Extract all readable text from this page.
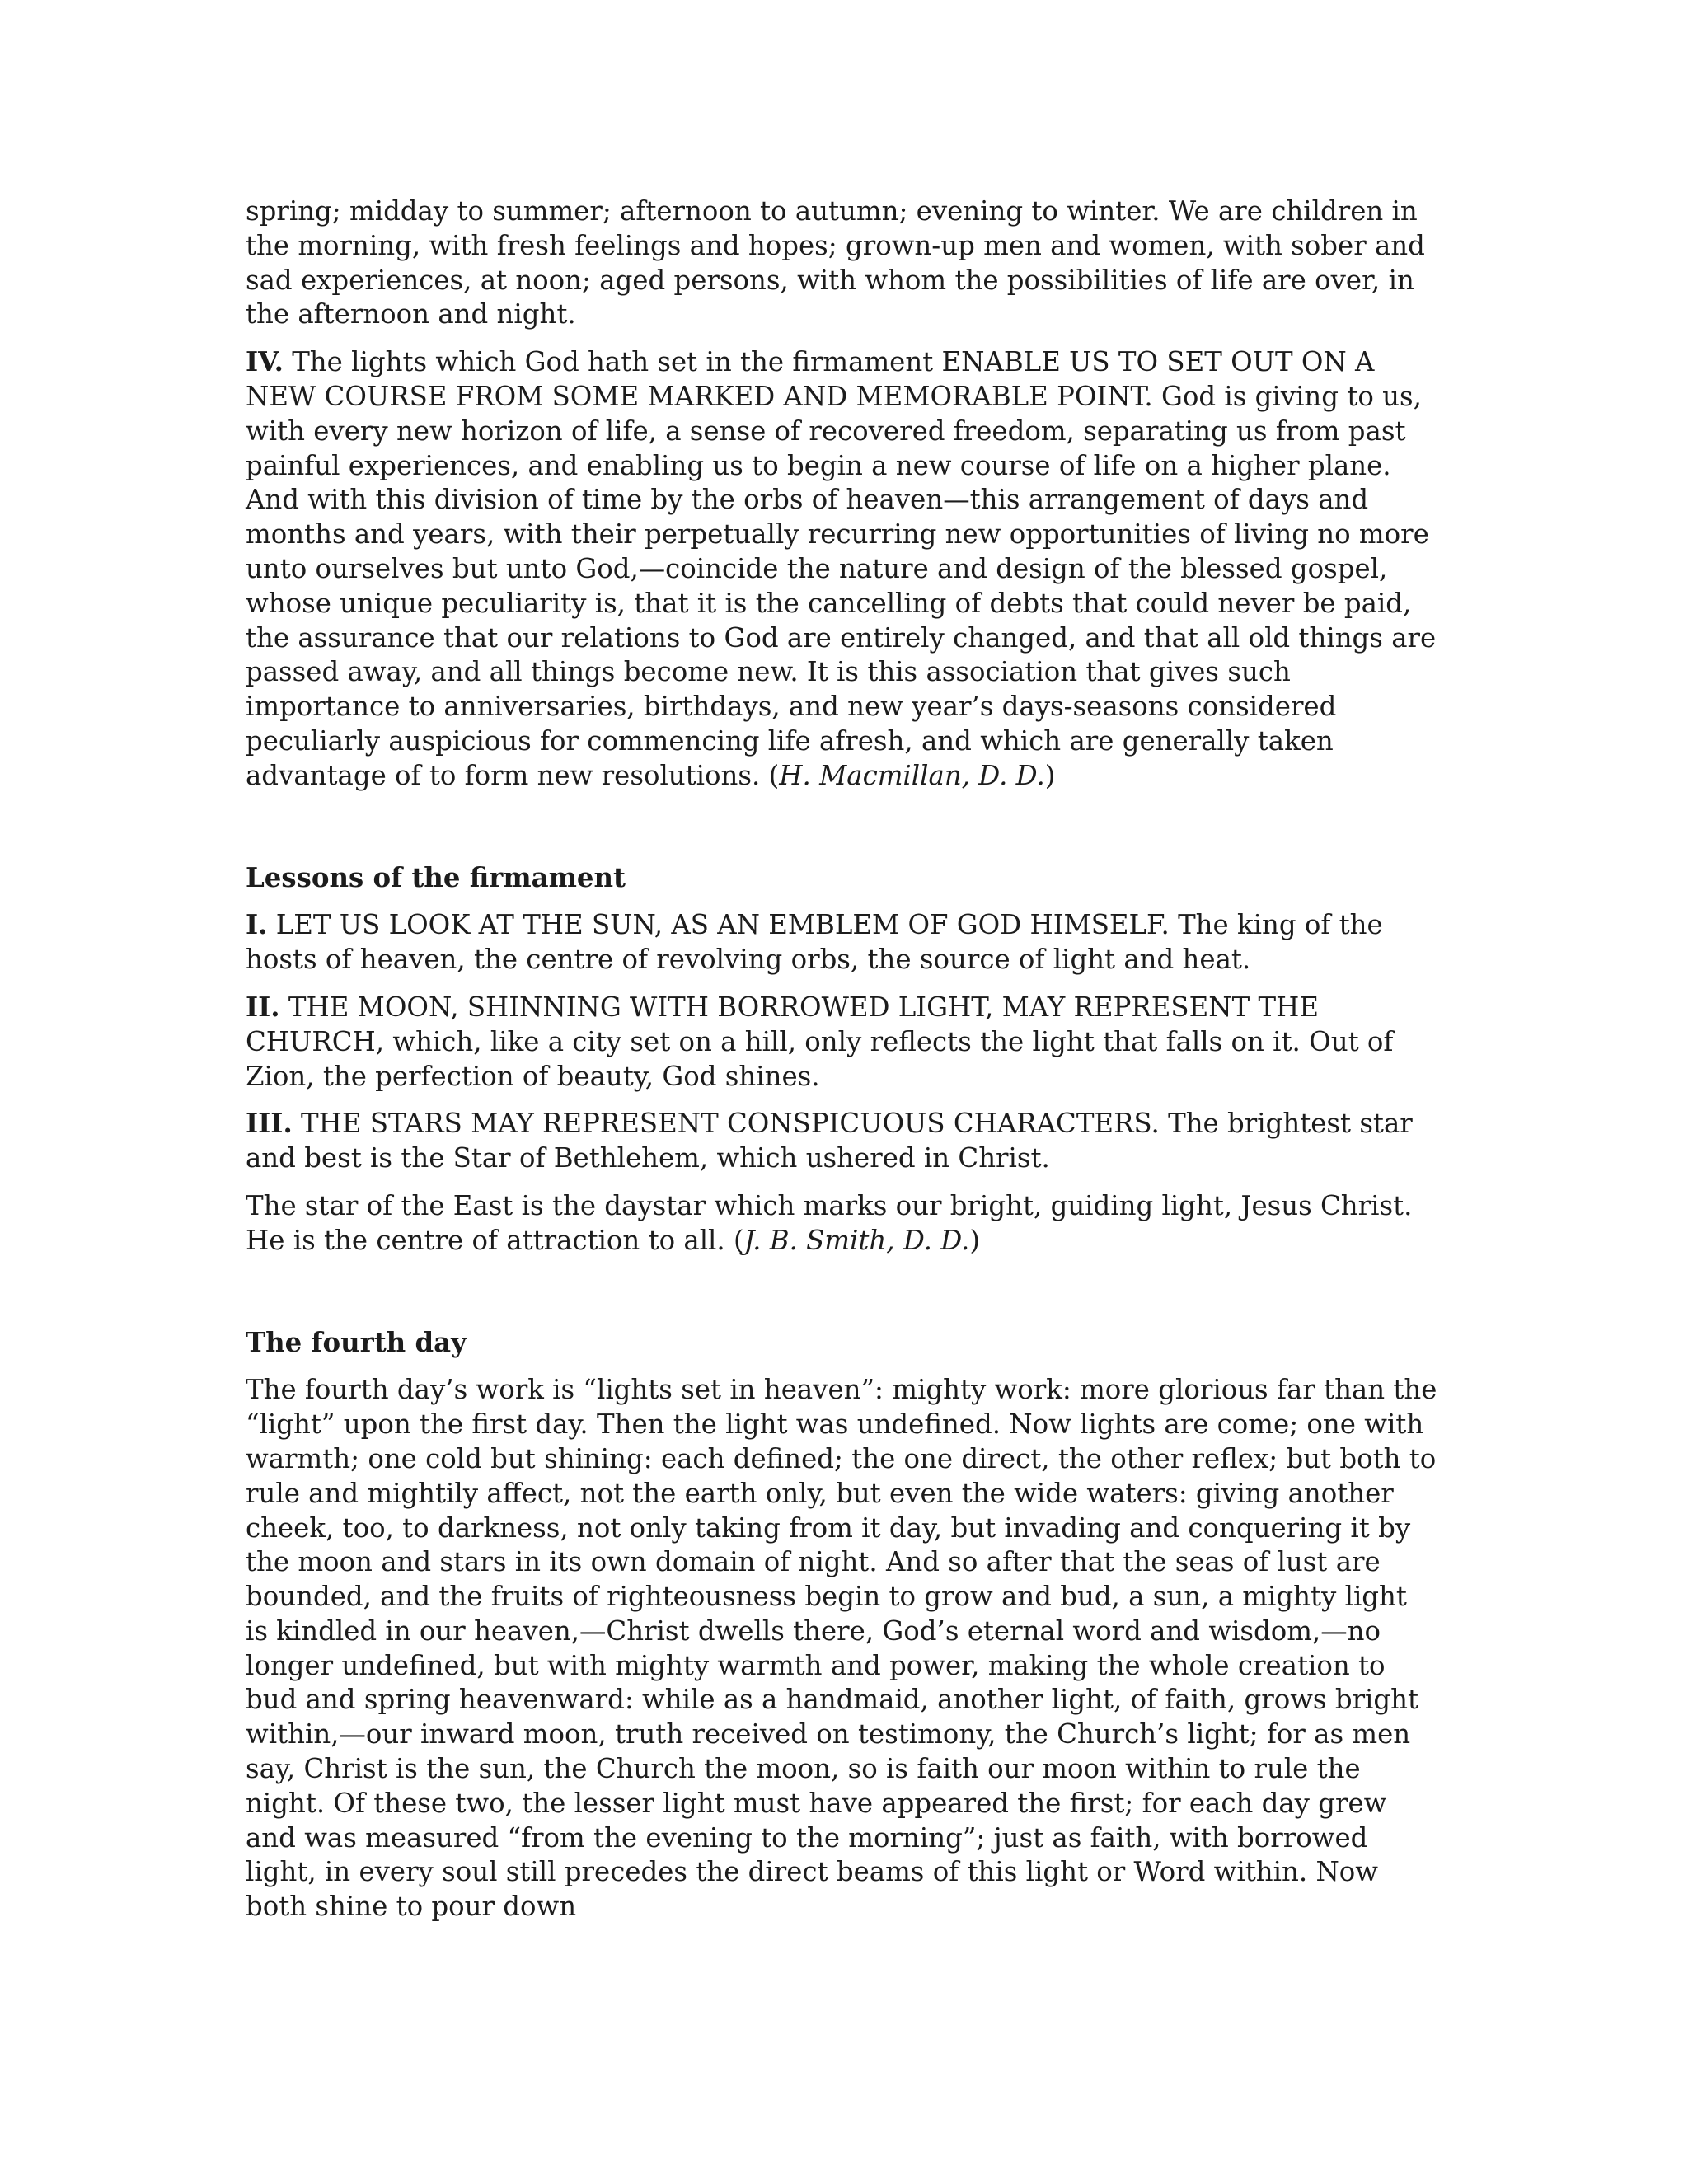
spring; midday to summer; afternoon to autumn; evening to winter. We are children in the morning, with fresh feelings and hopes; grown-up men and women, with sober and sad experiences, at noon; aged persons, with whom the possibilities of life are over, in the afternoon and night.

IV. The lights which God hath set in the firmament ENABLE US TO SET OUT ON A NEW COURSE FROM SOME MARKED AND MEMORABLE POINT. God is giving to us, with every new horizon of life, a sense of recovered freedom, separating us from past painful experiences, and enabling us to begin a new course of life on a higher plane. And with this division of time by the orbs of heaven—this arrangement of days and months and years, with their perpetually recurring new opportunities of living no more unto ourselves but unto God,—coincide the nature and design of the blessed gospel, whose unique peculiarity is, that it is the cancelling of debts that could never be paid, the assurance that our relations to God are entirely changed, and that all old things are passed away, and all things become new. It is this association that gives such importance to anniversaries, birthdays, and new year’s days-seasons considered peculiarly auspicious for commencing life afresh, and which are generally taken advantage of to form new resolutions. (H. Macmillan, D. D.)

Lessons of the firmament

I. LET US LOOK AT THE SUN, AS AN EMBLEM OF GOD HIMSELF. The king of the hosts of heaven, the centre of revolving orbs, the source of light and heat.

II. THE MOON, SHINNING WITH BORROWED LIGHT, MAY REPRESENT THE CHURCH, which, like a city set on a hill, only reflects the light that falls on it. Out of Zion, the perfection of beauty, God shines.

III. THE STARS MAY REPRESENT CONSPICUOUS CHARACTERS. The brightest star and best is the Star of Bethlehem, which ushered in Christ.

The star of the East is the daystar which marks our bright, guiding light, Jesus Christ. He is the centre of attraction to all. (J. B. Smith, D. D.)

The fourth day

The fourth day’s work is “lights set in heaven”: mighty work: more glorious far than the “light” upon the first day. Then the light was undefined. Now lights are come; one with warmth; one cold but shining: each defined; the one direct, the other reflex; but both to rule and mightily affect, not the earth only, but even the wide waters: giving another cheek, too, to darkness, not only taking from it day, but invading and conquering it by the moon and stars in its own domain of night. And so after that the seas of lust are bounded, and the fruits of righteousness begin to grow and bud, a sun, a mighty light is kindled in our heaven,—Christ dwells there, God’s eternal word and wisdom,—no longer undefined, but with mighty warmth and power, making the whole creation to bud and spring heavenward: while as a handmaid, another light, of faith, grows bright within,—our inward moon, truth received on testimony, the Church’s light; for as men say, Christ is the sun, the Church the moon, so is faith our moon within to rule the night. Of these two, the lesser light must have appeared the first; for each day grew and was measured “from the evening to the morning”; just as faith, with borrowed light, in every soul still precedes the direct beams of this light or Word within. Now both shine to pour down
